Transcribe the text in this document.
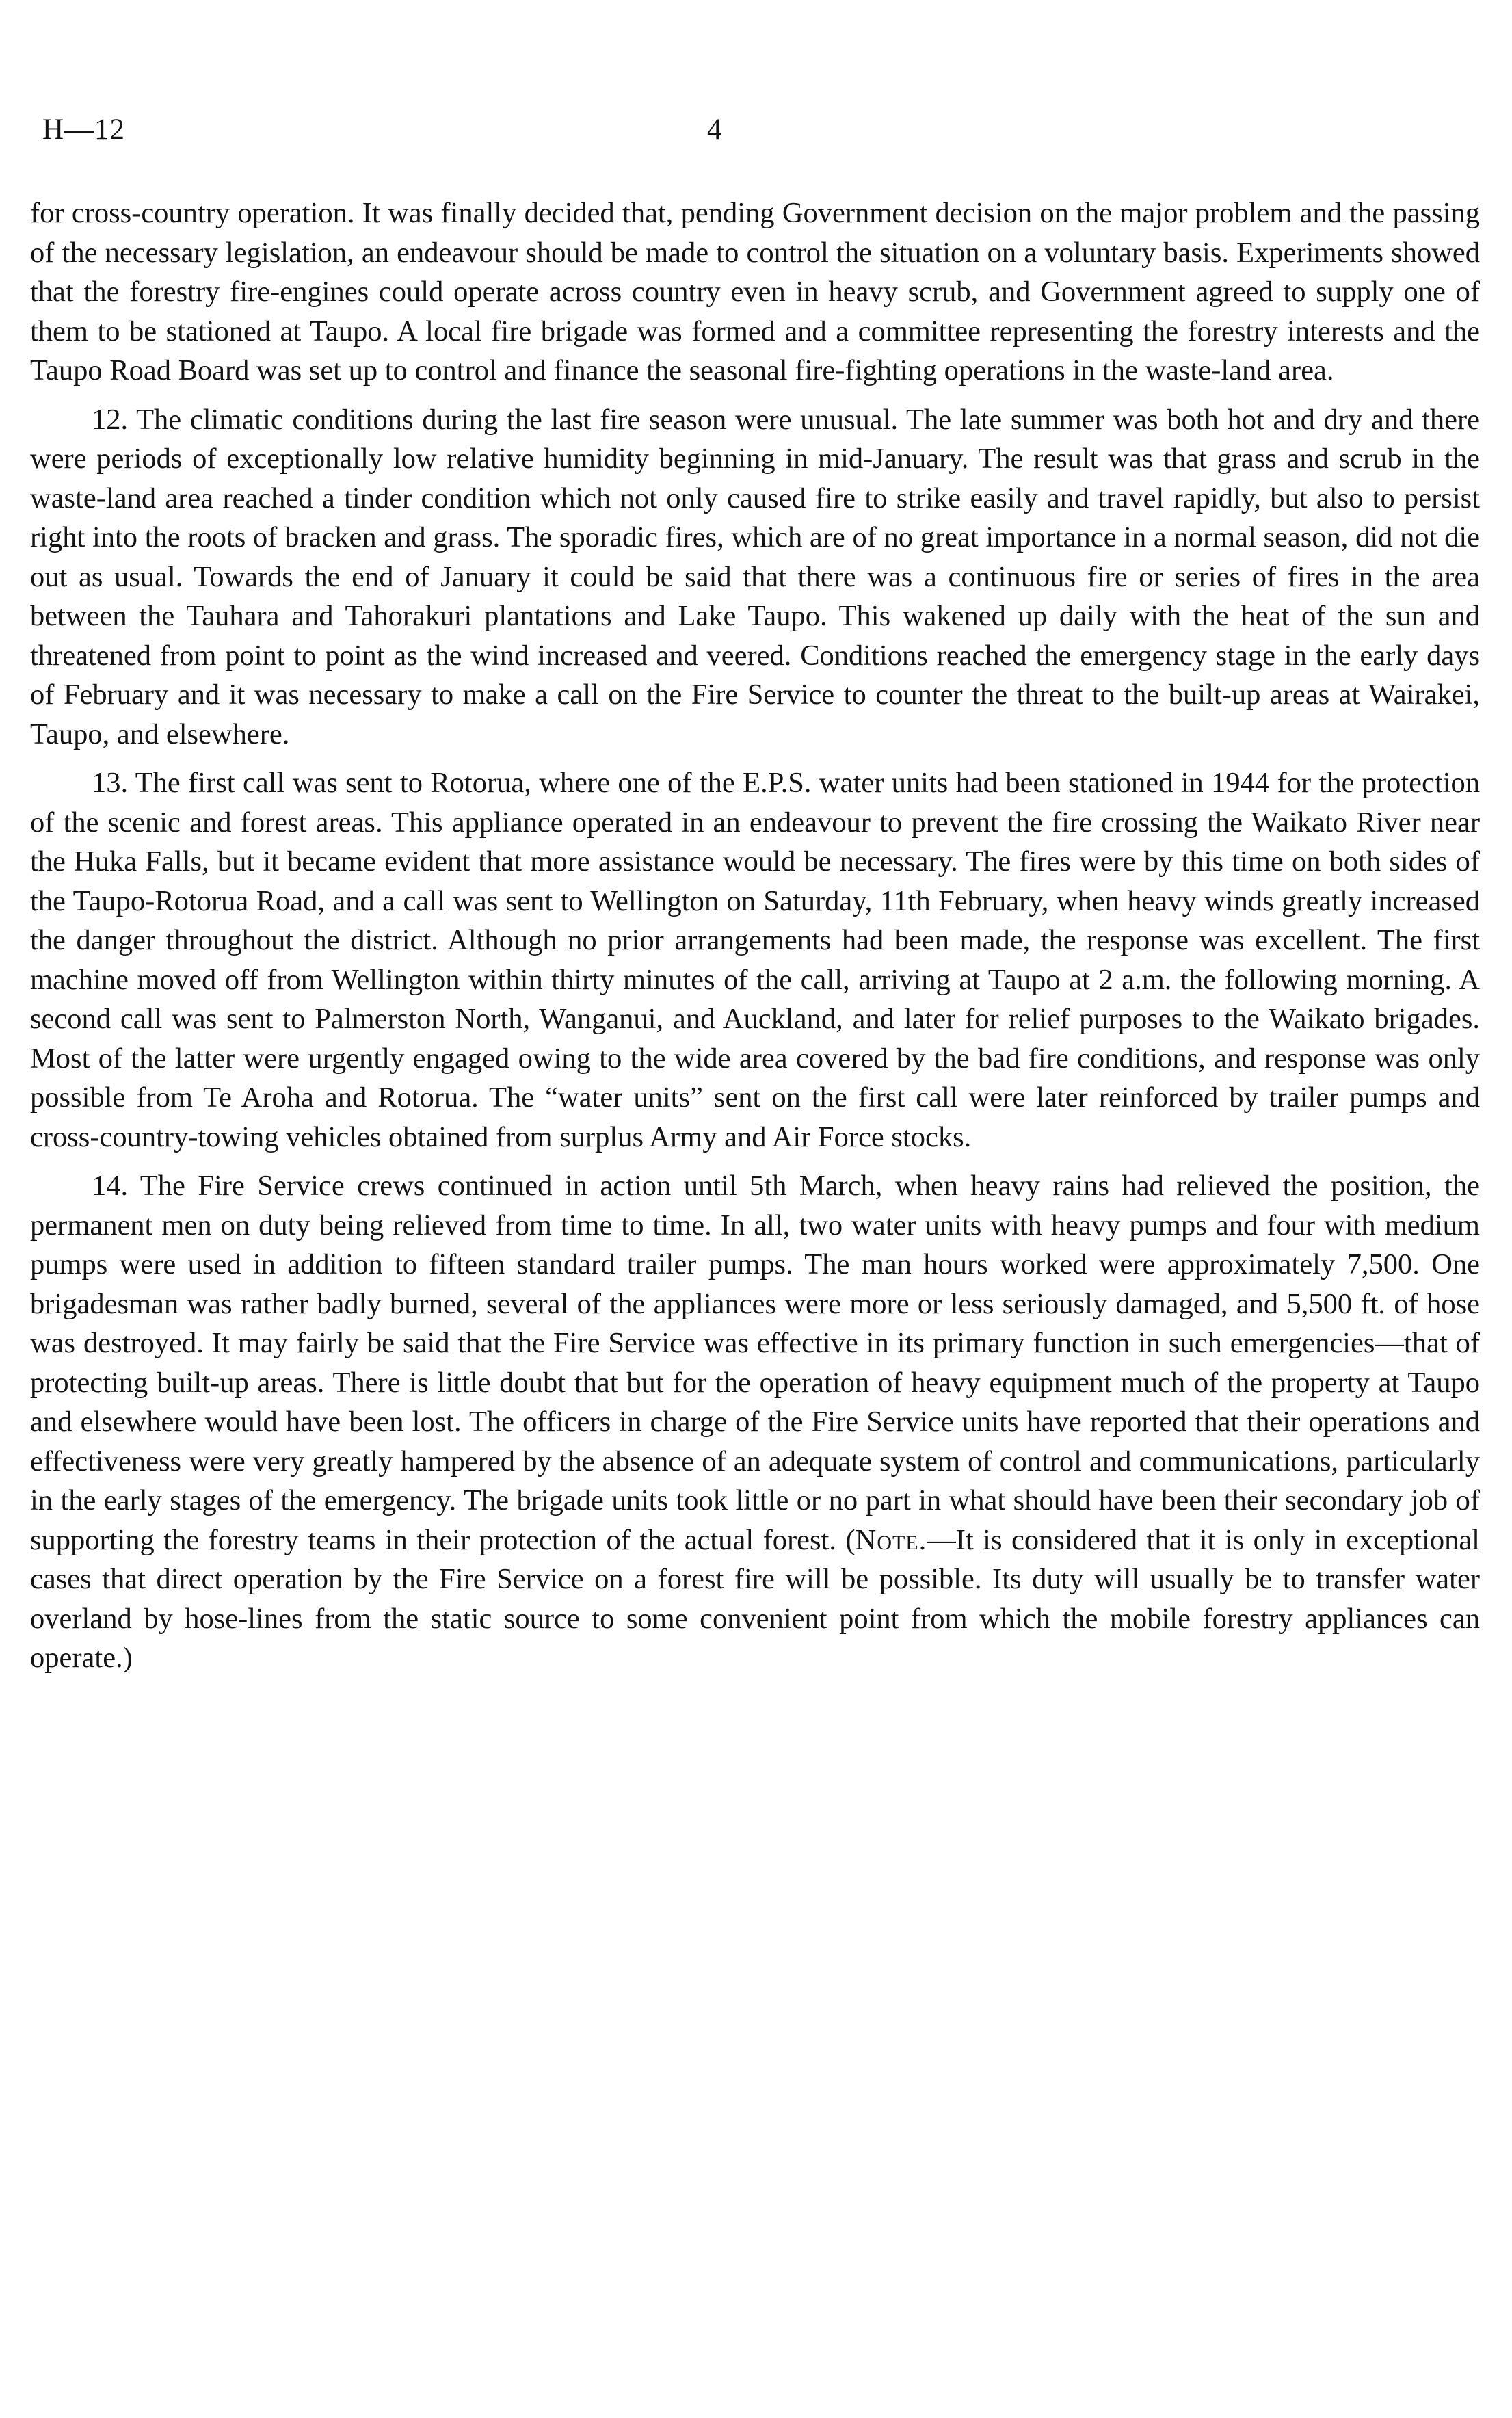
H—12	4

for cross-country operation. It was finally decided that, pending Government decision on the major problem and the passing of the necessary legislation, an endeavour should be made to control the situation on a voluntary basis. Experiments showed that the forestry fire-engines could operate across country even in heavy scrub, and Government agreed to supply one of them to be stationed at Taupo. A local fire brigade was formed and a committee representing the forestry interests and the Taupo Road Board was set up to control and finance the seasonal fire-fighting operations in the waste-land area.

12. The climatic conditions during the last fire season were unusual. The late summer was both hot and dry and there were periods of exceptionally low relative humidity beginning in mid-January. The result was that grass and scrub in the waste-land area reached a tinder condition which not only caused fire to strike easily and travel rapidly, but also to persist right into the roots of bracken and grass. The sporadic fires, which are of no great importance in a normal season, did not die out as usual. Towards the end of January it could be said that there was a continuous fire or series of fires in the area between the Tauhara and Tahorakuri plantations and Lake Taupo. This wakened up daily with the heat of the sun and threatened from point to point as the wind increased and veered. Conditions reached the emergency stage in the early days of February and it was necessary to make a call on the Fire Service to counter the threat to the built-up areas at Wairakei, Taupo, and elsewhere.

13. The first call was sent to Rotorua, where one of the E.P.S. water units had been stationed in 1944 for the protection of the scenic and forest areas. This appliance operated in an endeavour to prevent the fire crossing the Waikato River near the Huka Falls, but it became evident that more assistance would be necessary. The fires were by this time on both sides of the Taupo-Rotorua Road, and a call was sent to Wellington on Saturday, 11th February, when heavy winds greatly increased the danger throughout the district. Although no prior arrangements had been made, the response was excellent. The first machine moved off from Wellington within thirty minutes of the call, arriving at Taupo at 2 a.m. the following morning. A second call was sent to Palmerston North, Wanganui, and Auckland, and later for relief purposes to the Waikato brigades. Most of the latter were urgently engaged owing to the wide area covered by the bad fire conditions, and response was only possible from Te Aroha and Rotorua. The “water units” sent on the first call were later reinforced by trailer pumps and cross-country-towing vehicles obtained from surplus Army and Air Force stocks.

14. The Fire Service crews continued in action until 5th March, when heavy rains had relieved the position, the permanent men on duty being relieved from time to time. In all, two water units with heavy pumps and four with medium pumps were used in addition to fifteen standard trailer pumps. The man hours worked were approximately 7,500. One brigadesman was rather badly burned, several of the appliances were more or less seriously damaged, and 5,500 ft. of hose was destroyed. It may fairly be said that the Fire Service was effective in its primary function in such emergencies—that of protecting built-up areas. There is little doubt that but for the operation of heavy equipment much of the property at Taupo and elsewhere would have been lost. The officers in charge of the Fire Service units have reported that their operations and effectiveness were very greatly hampered by the absence of an adequate system of control and communications, particularly in the early stages of the emergency. The brigade units took little or no part in what should have been their secondary job of supporting the forestry teams in their protection of the actual forest. (Note.—It is considered that it is only in exceptional cases that direct operation by the Fire Service on a forest fire will be possible. Its duty will usually be to transfer water overland by hose-lines from the static source to some convenient point from which the mobile forestry appliances can operate.)
